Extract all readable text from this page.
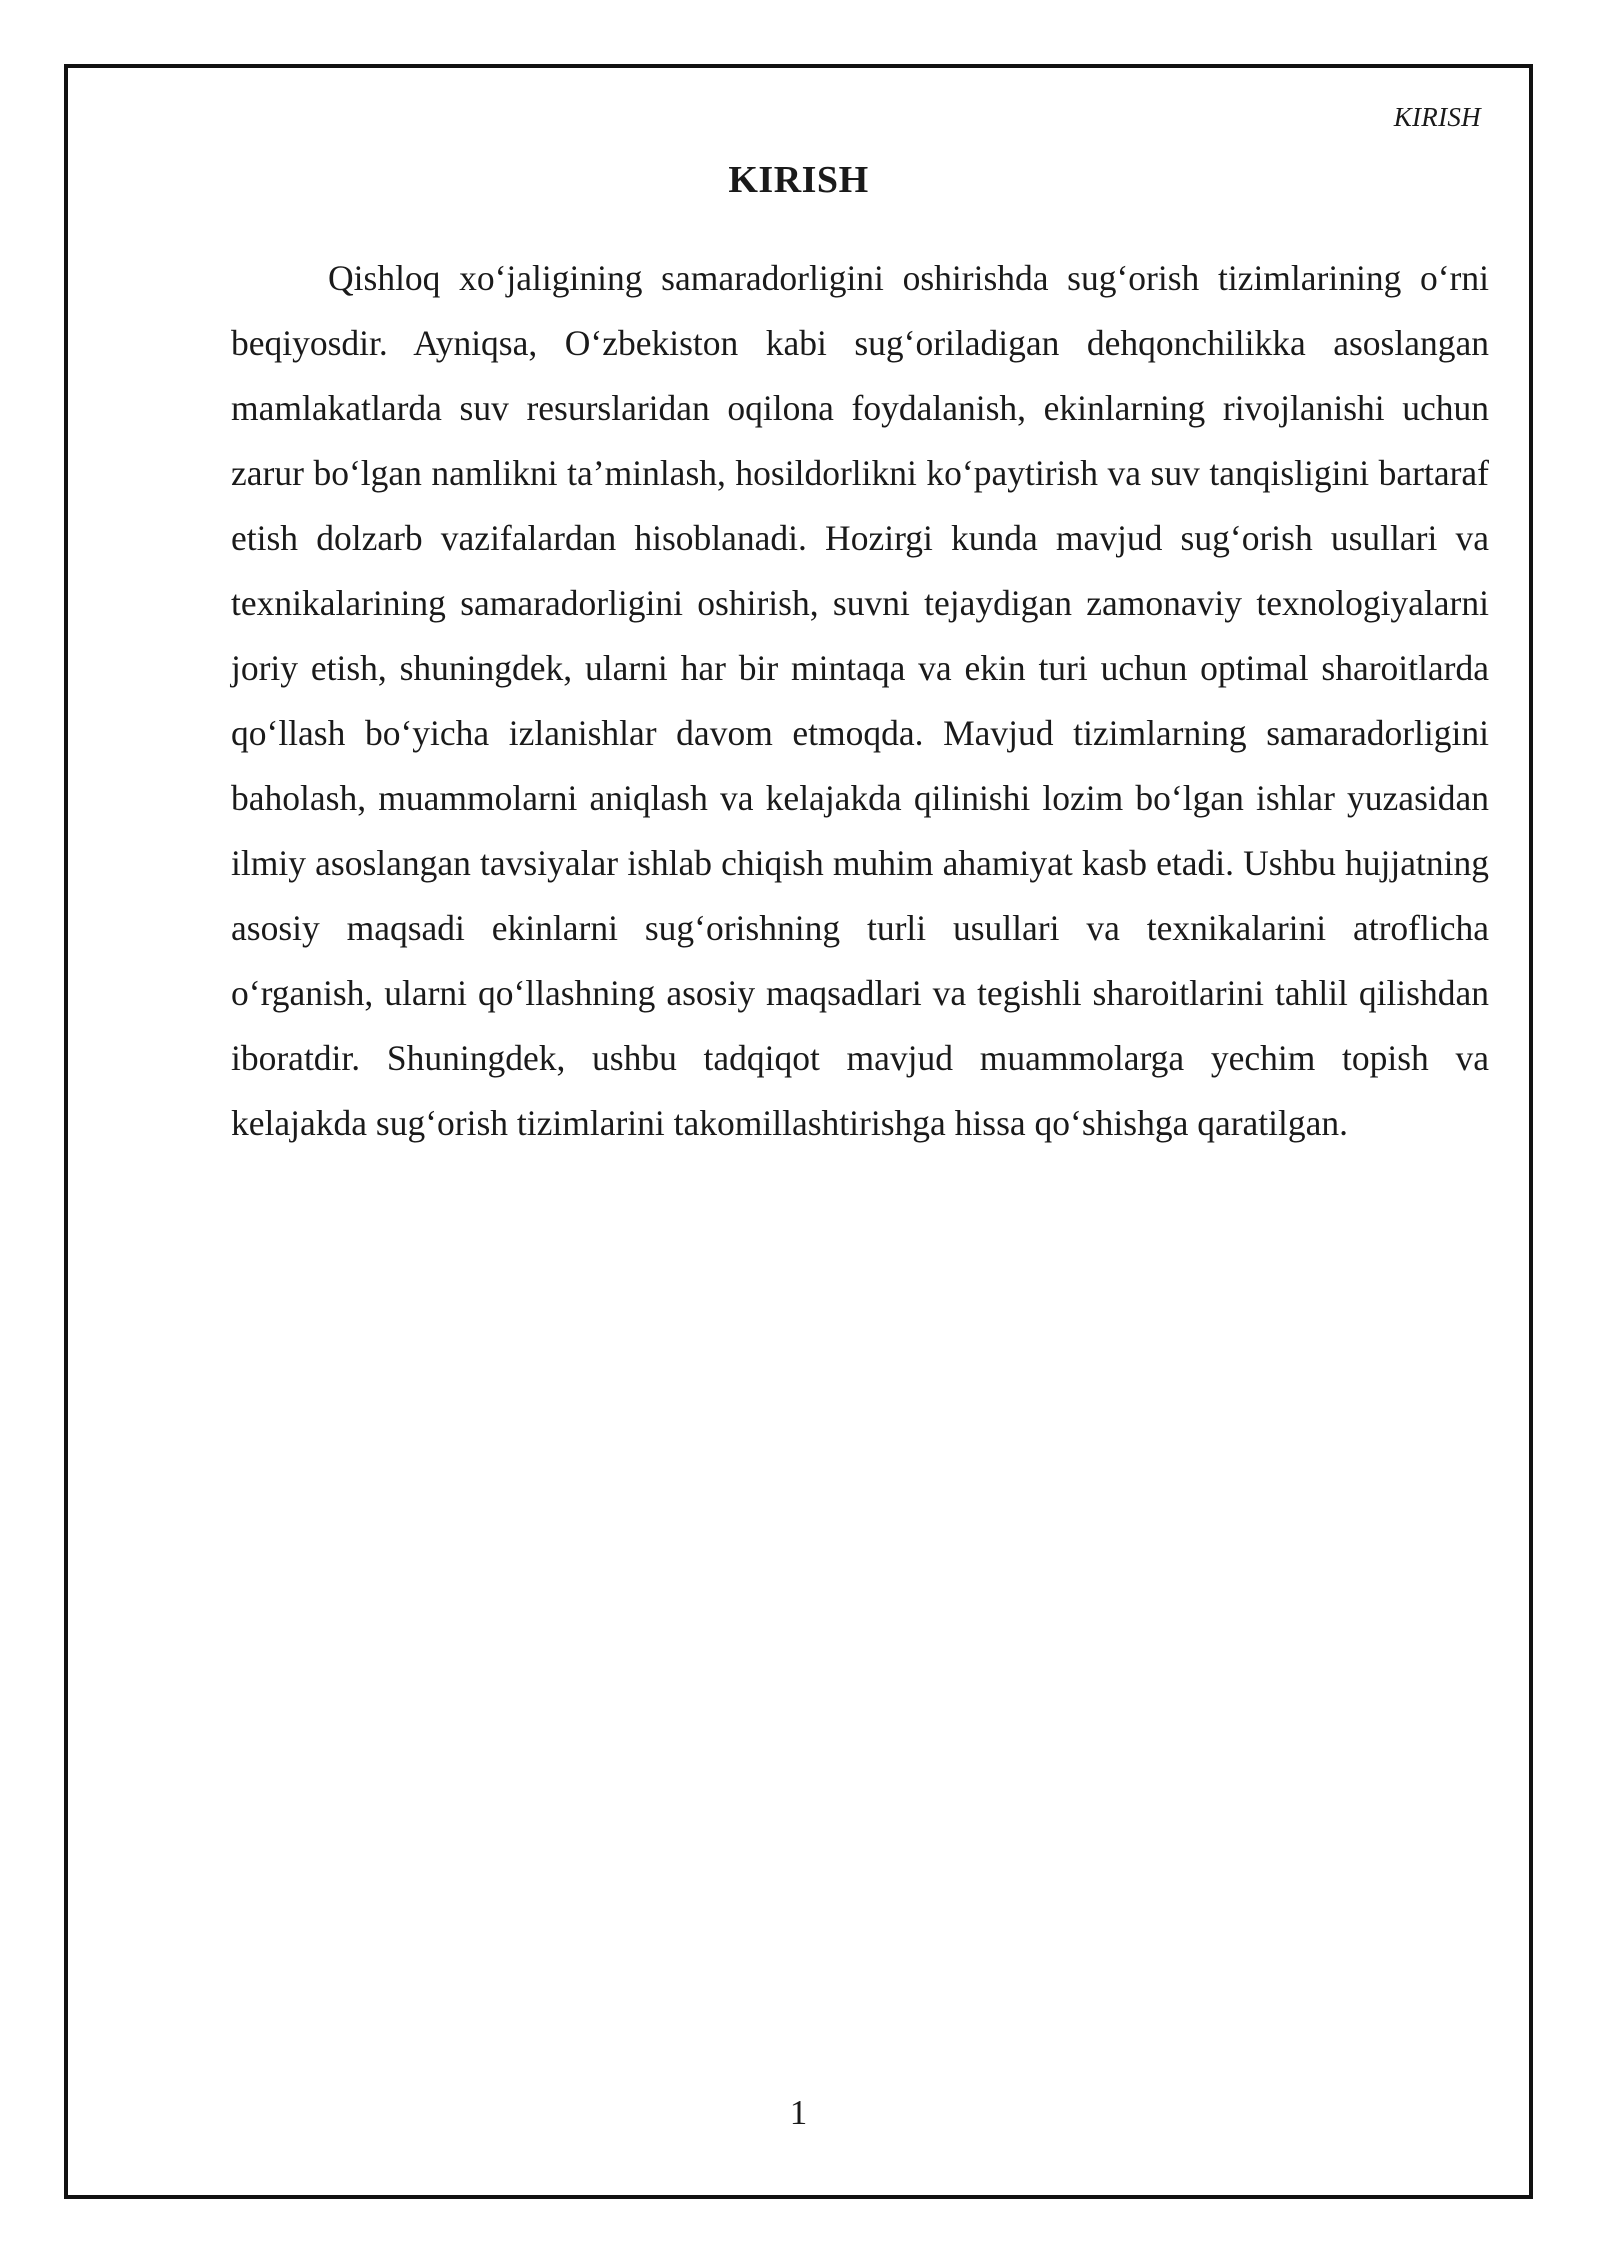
KIRISH
KIRISH

Qishloq xo‘jaligining samaradorligini oshirishda sug‘orish tizimlarining o‘rni beqiyosdir. Ayniqsa, O‘zbekiston kabi sug‘oriladigan dehqonchilikka asoslangan mamlakatlarda suv resurslaridan oqilona foydalanish, ekinlarning rivojlanishi uchun zarur bo‘lgan namlikni ta’minlash, hosildorlikni ko‘paytirish va suv tanqisligini bartaraf etish dolzarb vazifalardan hisoblanadi. Hozirgi kunda mavjud sug‘orish usullari va texnikalarining samaradorligini oshirish, suvni tejaydigan zamonaviy texnologiyalarni joriy etish, shuningdek, ularni har bir mintaqa va ekin turi uchun optimal sharoitlarda qo‘llash bo‘yicha izlanishlar davom etmoqda. Mavjud tizimlarning samaradorligini baholash, muammolarni aniqlash va kelajakda qilinishi lozim bo‘lgan ishlar yuzasidan ilmiy asoslangan tavsiyalar ishlab chiqish muhim ahamiyat kasb etadi. Ushbu hujjatning asosiy maqsadi ekinlarni sug‘orishning turli usullari va texnikalarini atroflicha o‘rganish, ularni qo‘llashning asosiy maqsadlari va tegishli sharoitlarini tahlil qilishdan iboratdir. Shuningdek, ushbu tadqiqot mavjud muammolarga yechim topish va kelajakda sug‘orish tizimlarini takomillashtirishga hissa qo‘shishga qaratilgan.

1
